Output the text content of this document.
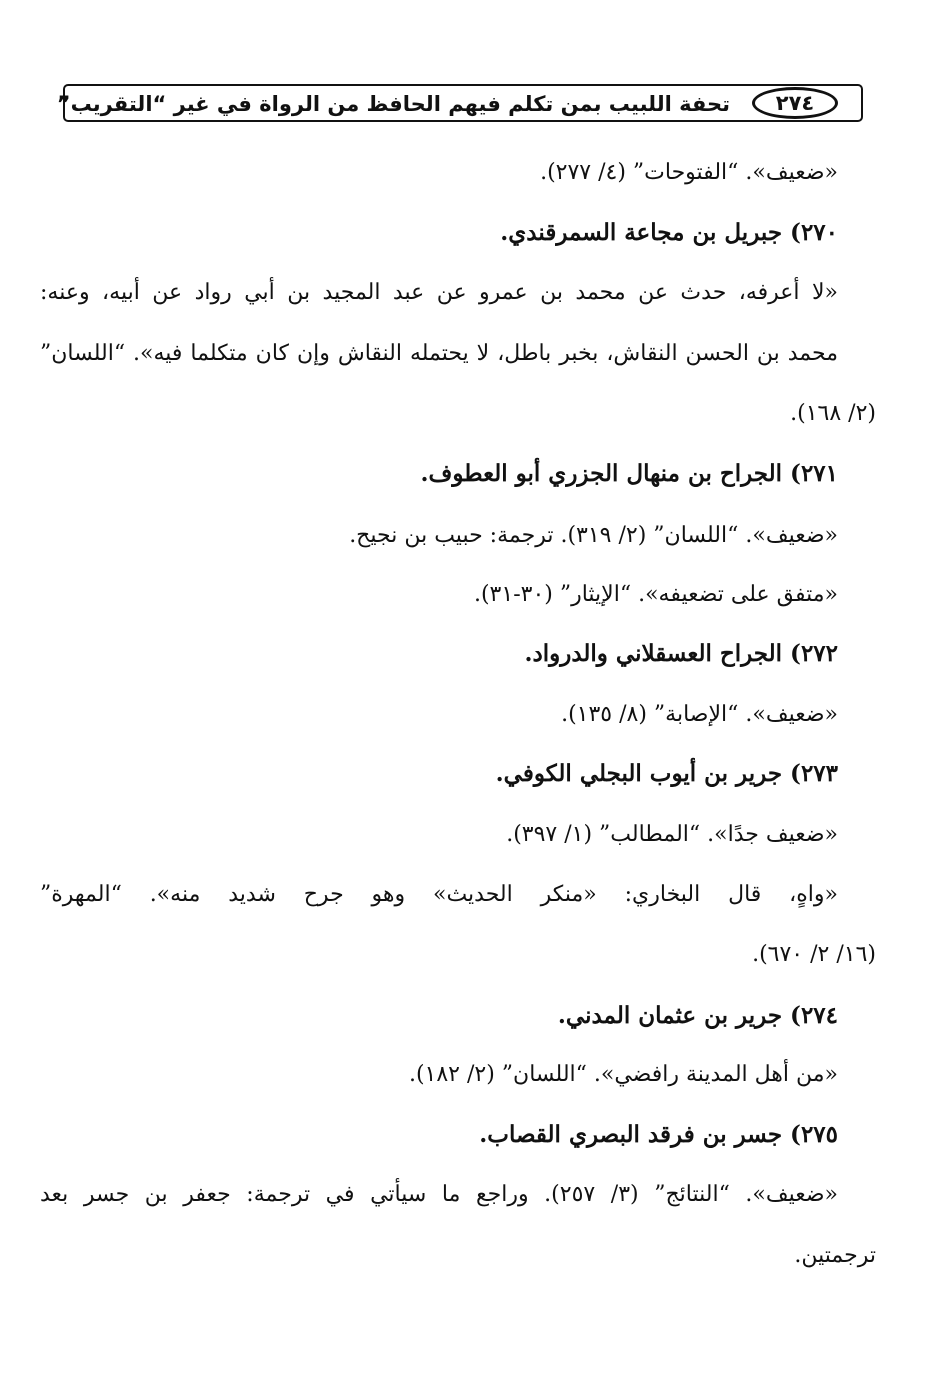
تحفة اللبيب بمن تكلم فيهم الحافظ من الرواة في غير “التقريب”	٢٧٤
«ضعيف». “الفتوحات” (٤/ ٢٧٧).
٢٧٠) جبريل بن مجاعة السمرقندي.
«لا أعرفه، حدث عن محمد بن عمرو عن عبد المجيد بن أبي رواد عن أبيه، وعنه:
محمد بن الحسن النقاش، بخبر باطل، لا يحتمله النقاش وإن كان متكلما فيه». “اللسان”
(٢/ ١٦٨).
٢٧١) الجراح بن منهال الجزري أبو العطوف.
«ضعيف». “اللسان” (٢/ ٣١٩). ترجمة: حبيب بن نجيح.
«متفق على تضعيفه». “الإيثار” (٣٠-٣١).
٢٧٢) الجراح العسقلاني والدرواد.
«ضعيف». “الإصابة” (٨/ ١٣٥).
٢٧٣) جرير بن أيوب البجلي الكوفي.
«ضعيف جدًا». “المطالب” (١/ ٣٩٧).
«واهٍ، قال البخاري: «منكر الحديث» وهو جرح شديد منه». “المهرة”
(١٦/ ٢/ ٦٧٠).
٢٧٤) جرير بن عثمان المدني.
«من أهل المدينة رافضي». “اللسان” (٢/ ١٨٢).
٢٧٥) جسر بن فرقد البصري القصاب.
«ضعيف». “النتائج” (٣/ ٢٥٧). وراجع ما سيأتي في ترجمة: جعفر بن جسر بعد
ترجمتين.
